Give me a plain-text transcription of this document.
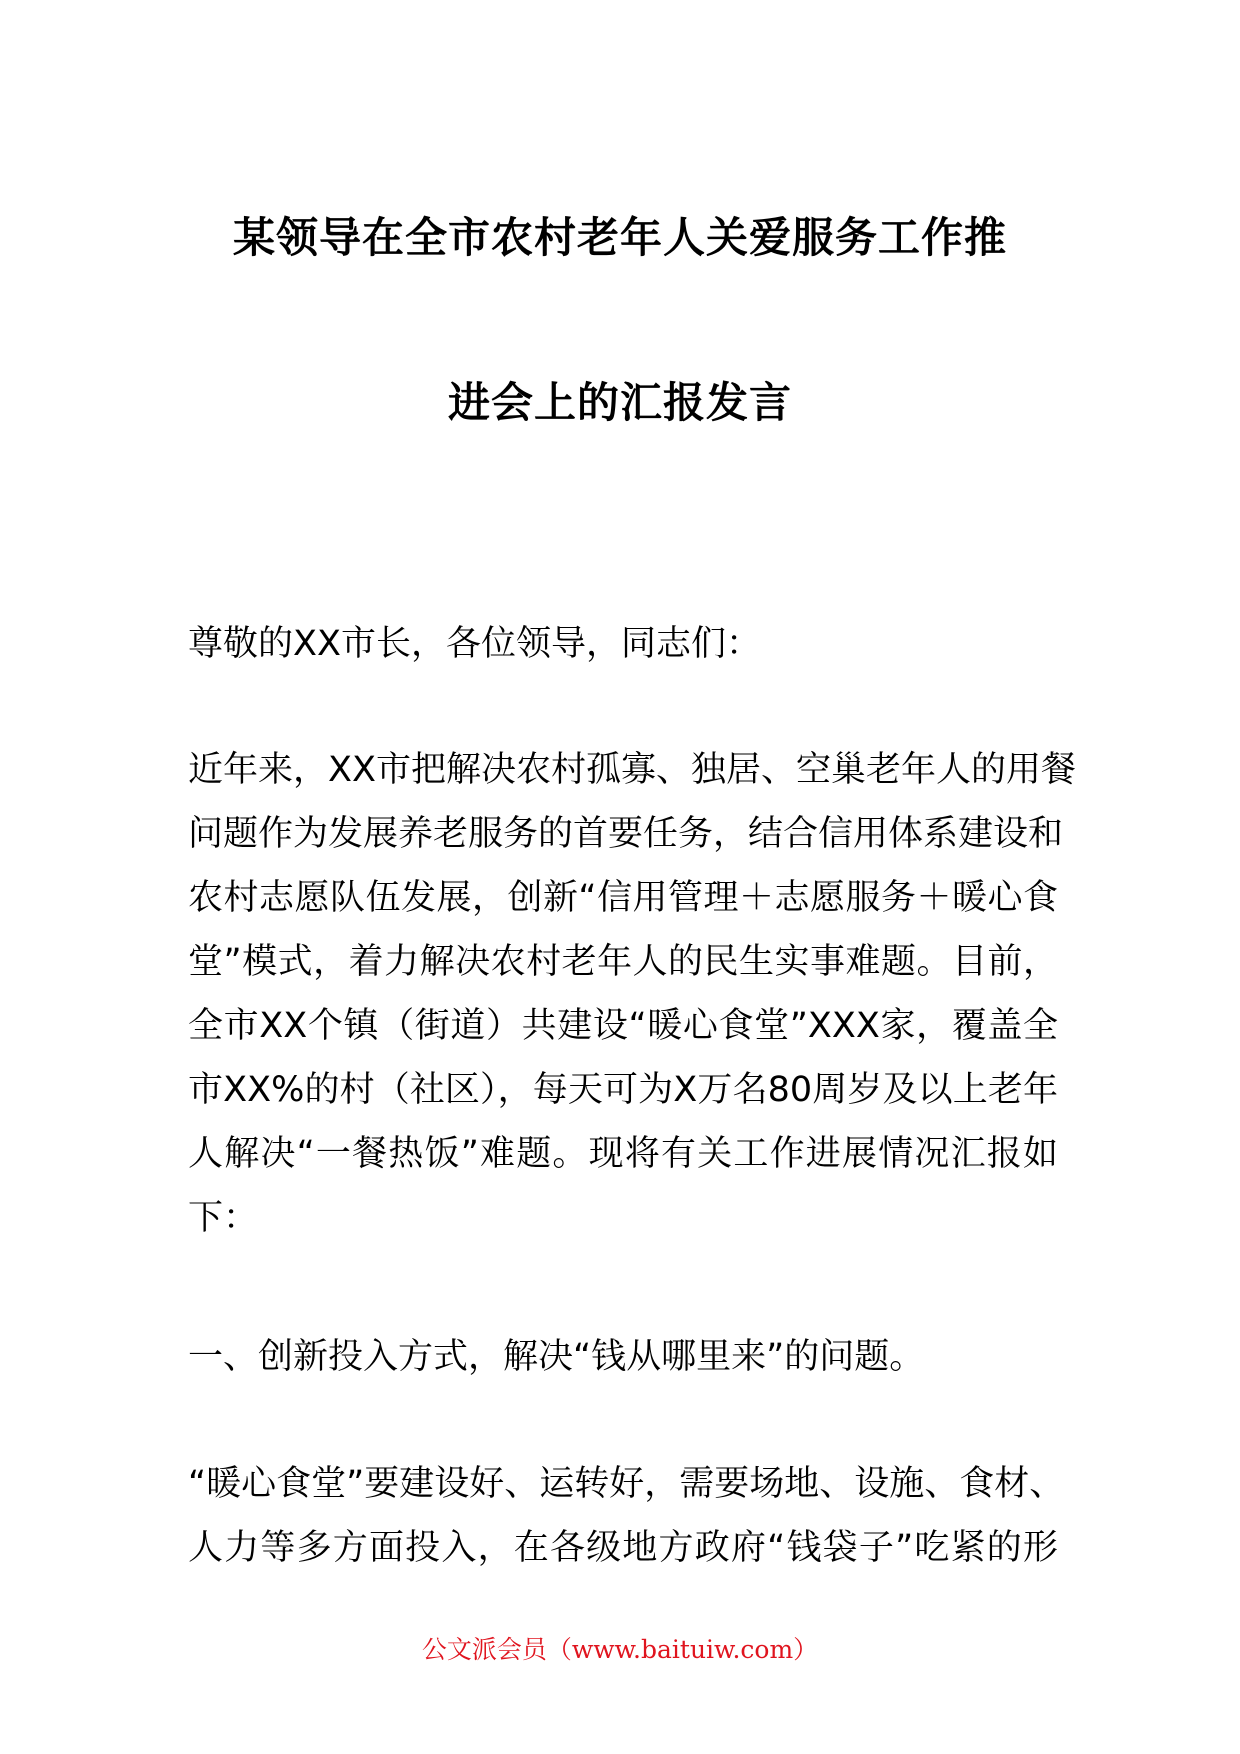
某领导在全市农村老年人关爱服务工作推
进会上的汇报发言
尊敬的XX市长，各位领导，同志们：
近年来，XX市把解决农村孤寡、独居、空巢老年人的用餐
问题作为发展养老服务的首要任务，结合信用体系建设和
农村志愿队伍发展，创新“信用管理＋志愿服务＋暖心食
堂”模式，着力解决农村老年人的民生实事难题。目前，
全市XX个镇（街道）共建设“暖心食堂”XXX家，覆盖全
市XX%的村（社区），每天可为X万名80周岁及以上老年
人解决“一餐热饭”难题。现将有关工作进展情况汇报如
下：
一、创新投入方式，解决“钱从哪里来”的问题。
“暖心食堂”要建设好、运转好，需要场地、设施、食材、
人力等多方面投入，在各级地方政府“钱袋子”吃紧的形
公文派会员（www.baituiw.com）
